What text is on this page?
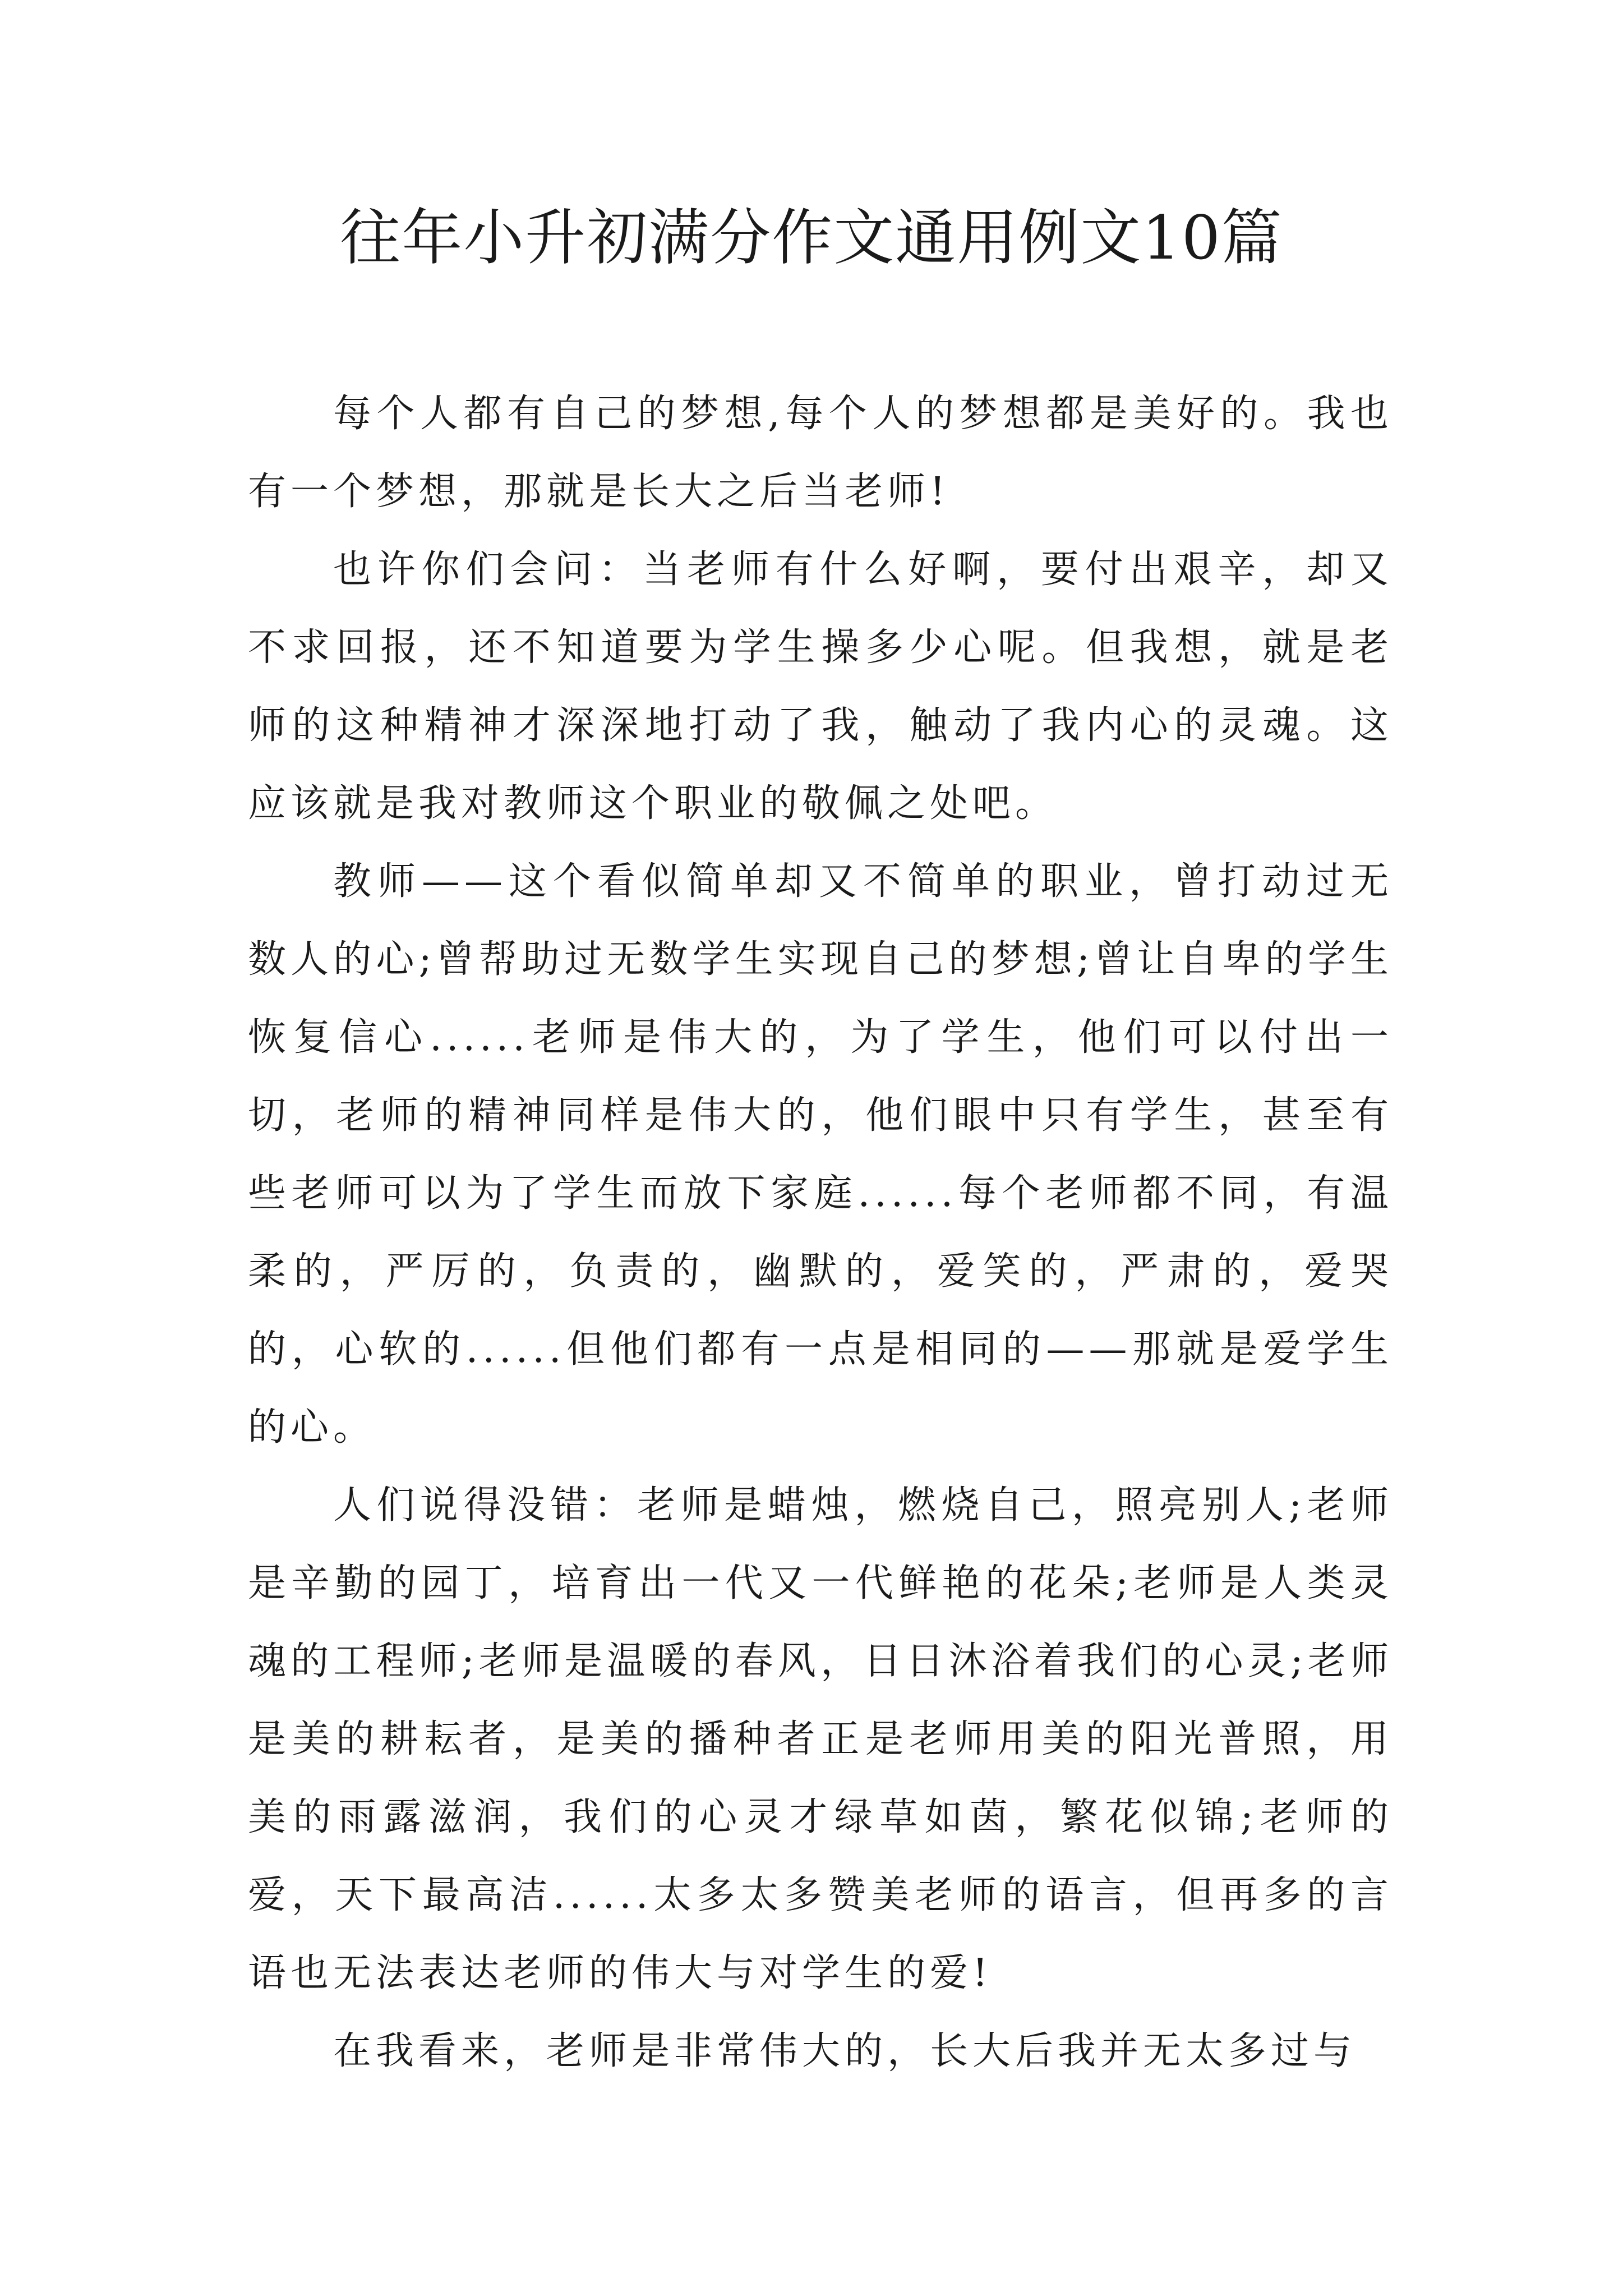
往年小升初满分作文通用例文10篇

每个人都有自己的梦想,每个人的梦想都是美好的。我也有一个梦想，那就是长大之后当老师!

也许你们会问：当老师有什么好啊，要付出艰辛，却又不求回报，还不知道要为学生操多少心呢。但我想，就是老师的这种精神才深深地打动了我，触动了我内心的灵魂。这应该就是我对教师这个职业的敬佩之处吧。

教师——这个看似简单却又不简单的职业，曾打动过无数人的心;曾帮助过无数学生实现自己的梦想;曾让自卑的学生恢复信心......老师是伟大的，为了学生，他们可以付出一切，老师的精神同样是伟大的，他们眼中只有学生，甚至有些老师可以为了学生而放下家庭......每个老师都不同，有温柔的，严厉的，负责的，幽默的，爱笑的，严肃的，爱哭的，心软的......但他们都有一点是相同的——那就是爱学生的心。

人们说得没错：老师是蜡烛，燃烧自己，照亮别人;老师是辛勤的园丁，培育出一代又一代鲜艳的花朵;老师是人类灵魂的工程师;老师是温暖的春风，日日沐浴着我们的心灵;老师是美的耕耘者，是美的播种者正是老师用美的阳光普照，用美的雨露滋润，我们的心灵才绿草如茵，繁花似锦;老师的爱，天下最高洁......太多太多赞美老师的语言，但再多的言语也无法表达老师的伟大与对学生的爱!

在我看来，老师是非常伟大的，长大后我并无太多过与
